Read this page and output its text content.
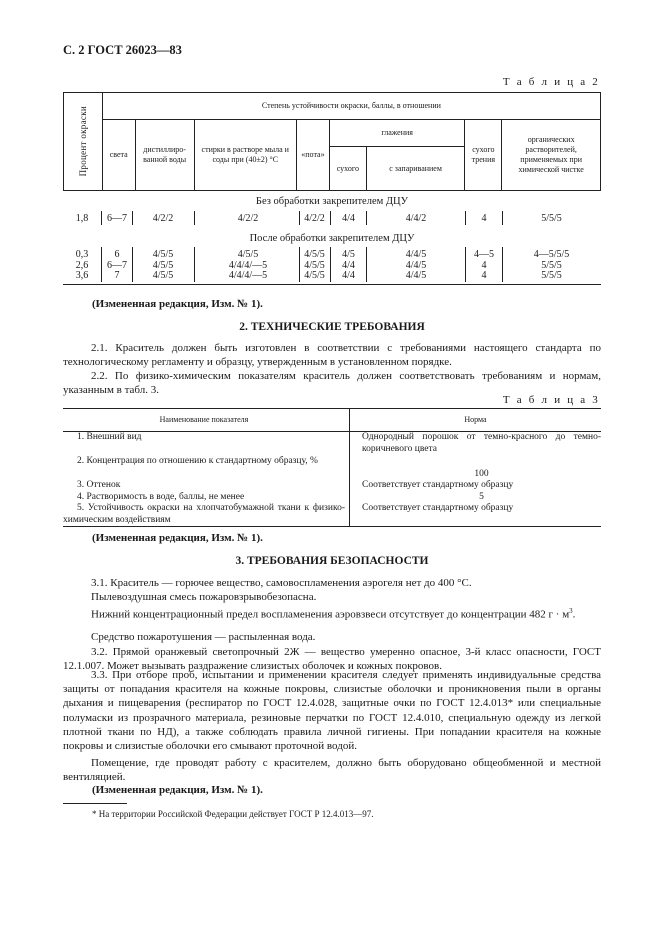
С. 2 ГОСТ 26023—83
Т а б л и ц а 2
Процент окраски	Степень устойчивости окраски, баллы, в отношении							
	света	дистиллиро-ванной воды	стирки в растворе мыла и соды при (40±2) °С	«пота»	глажения		сухого трения	органических растворителей, применяемых при химической чистке
					сухого	с запариванием		
Без обработки закрепителем ДЦУ
1,8	6—7	4/2/2	4/2/2	4/2/2	4/4	4/4/2	4	5/5/5
После обработки закрепителем ДЦУ
0,3	6	4/5/5	4/5/5	4/5/5	4/5	4/4/5	4—5	4—5/5/5
2,6	6—7	4/5/5	4/4/4/—5	4/5/5	4/4	4/4/5	4	5/5/5
3,6	7	4/5/5	4/4/4/—5	4/5/5	4/4	4/4/5	4	5/5/5
(Измененная редакция, Изм. № 1).
2. ТЕХНИЧЕСКИЕ ТРЕБОВАНИЯ
2.1. Краситель должен быть изготовлен в соответствии с требованиями настоящего стандарта по технологическому регламенту и образцу, утвержденным в установленном порядке.
2.2. По физико-химическим показателям краситель должен соответствовать требованиям и нормам, указанным в табл. 3.
Т а б л и ц а 3
Наименование показателя	Норма
1. Внешний вид	Однородный порошок от темно-красного до темно-коричневого цвета
2. Концентрация по отношению к стандартному образцу, %	100
3. Оттенок	Соответствует стандартному образцу
4. Растворимость в воде, баллы, не менее	5
5. Устойчивость окраски на хлопчатобумажной ткани к физико-химическим воздействиям	Соответствует стандартному образцу
(Измененная редакция, Изм. № 1).
3. ТРЕБОВАНИЯ БЕЗОПАСНОСТИ
3.1. Краситель — горючее вещество, самовоспламенения аэрогеля нет до 400 °С.
Пылевоздушная смесь пожаровзрывобезопасна.
Нижний концентрационный предел воспламенения аэровзвеси отсутствует до концентрации 482 $г \cdot м^3$.
Средство пожаротушения — распыленная вода.
3.2. Прямой оранжевый светопрочный 2Ж — вещество умеренно опасное, 3-й класс опасности, ГОСТ 12.1.007. Может вызывать раздражение слизистых оболочек и кожных покровов.
3.3. При отборе проб, испытании и применении красителя следует применять индивидуальные средства защиты от попадания красителя на кожные покровы, слизистые оболочки и проникновения пыли в органы дыхания и пищеварения (респиратор по ГОСТ 12.4.028, защитные очки по ГОСТ 12.4.013* или специальные полумаски из прозрачного материала, резиновые перчатки по ГОСТ 12.4.010, специальную одежду из легкой плотной ткани по НД), а также соблюдать правила личной гигиены. При попадании красителя на кожные покровы и слизистые оболочки его смывают проточной водой.
Помещение, где проводят работу с красителем, должно быть оборудовано общеобменной и местной вентиляцией.
(Измененная редакция, Изм. № 1).
* На территории Российской Федерации действует ГОСТ Р 12.4.013—97.
